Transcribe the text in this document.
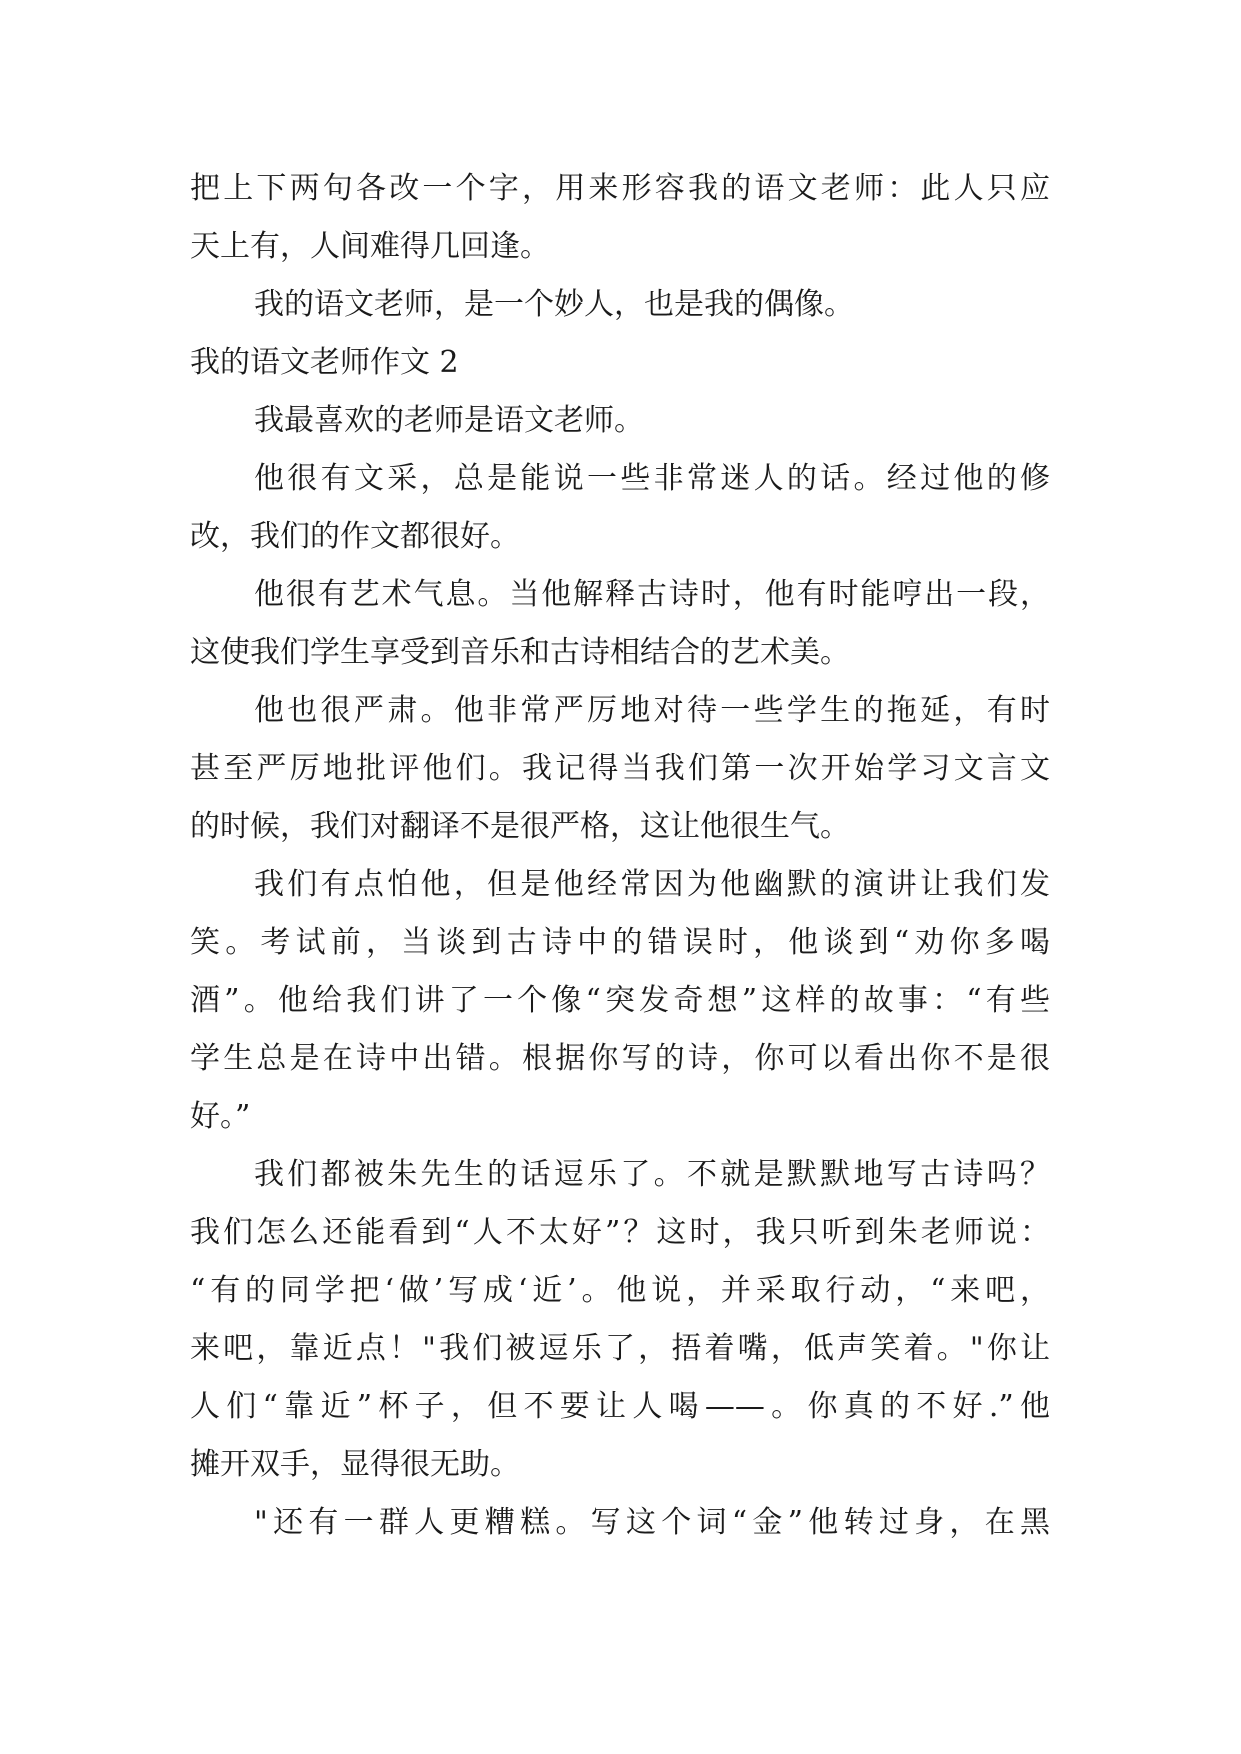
把上下两句各改一个字，用来形容我的语文老师：此人只应
天上有，人间难得几回逢。
我的语文老师，是一个妙人，也是我的偶像。
我的语文老师作文 2
我最喜欢的老师是语文老师。
他很有文采，总是能说一些非常迷人的话。经过他的修
改，我们的作文都很好。
他很有艺术气息。当他解释古诗时，他有时能哼出一段，
这使我们学生享受到音乐和古诗相结合的艺术美。
他也很严肃。他非常严厉地对待一些学生的拖延，有时
甚至严厉地批评他们。我记得当我们第一次开始学习文言文
的时候，我们对翻译不是很严格，这让他很生气。
我们有点怕他，但是他经常因为他幽默的演讲让我们发
笑。考试前，当谈到古诗中的错误时，他谈到“劝你多喝
酒”。他给我们讲了一个像“突发奇想”这样的故事：“有些
学生总是在诗中出错。根据你写的诗，你可以看出你不是很
好。”
我们都被朱先生的话逗乐了。不就是默默地写古诗吗？
我们怎么还能看到“人不太好”？这时，我只听到朱老师说：
“有的同学把‘做’写成‘近’。他说，并采取行动，“来吧，
来吧，靠近点！"我们被逗乐了，捂着嘴，低声笑着。"你让
人们“靠近”杯子，但不要让人喝——。你真的不好.”他
摊开双手，显得很无助。
"还有一群人更糟糕。写这个词“金”他转过身，在黑
